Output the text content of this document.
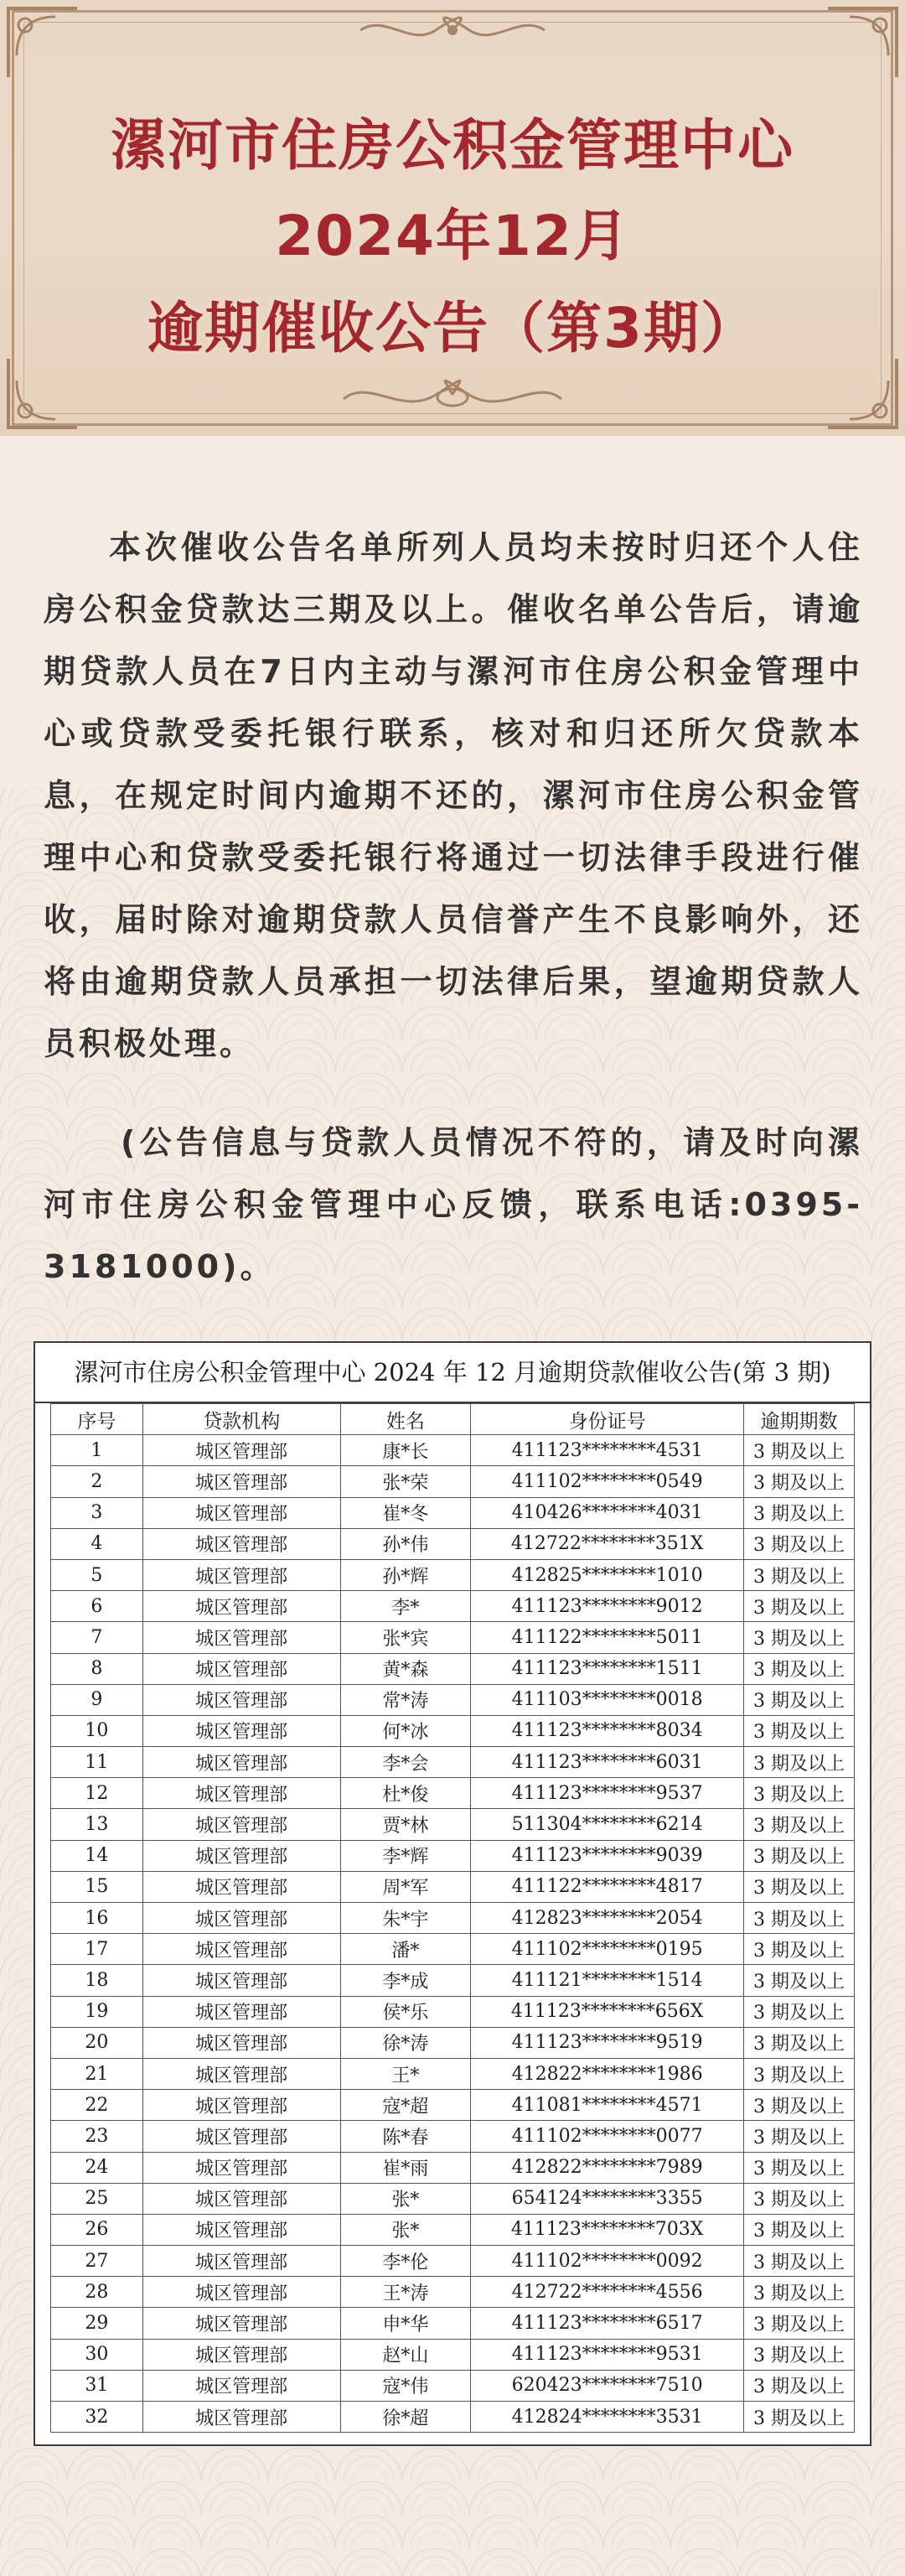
漯河市住房公积金管理中心
2024年12月
逾期催收公告（第3期）

本次催收公告名单所列人员均未按时归还个人住房公积金贷款达三期及以上。催收名单公告后，请逾期贷款人员在7日内主动与漯河市住房公积金管理中心或贷款受委托银行联系，核对和归还所欠贷款本息，在规定时间内逾期不还的，漯河市住房公积金管理中心和贷款受委托银行将通过一切法律手段进行催收，届时除对逾期贷款人员信誉产生不良影响外，还将由逾期贷款人员承担一切法律后果，望逾期贷款人员积极处理。

(公告信息与贷款人员情况不符的，请及时向漯河市住房公积金管理中心反馈，联系电话:0395-3181000)。

漯河市住房公积金管理中心 2024 年 12 月逾期贷款催收公告(第 3 期)
序号	贷款机构	姓名	身份证号	逾期期数
1	城区管理部	康*长	411123********4531	3 期及以上
2	城区管理部	张*荣	411102********0549	3 期及以上
3	城区管理部	崔*冬	410426********4031	3 期及以上
4	城区管理部	孙*伟	412722********351X	3 期及以上
5	城区管理部	孙*辉	412825********1010	3 期及以上
6	城区管理部	李*	411123********9012	3 期及以上
7	城区管理部	张*宾	411122********5011	3 期及以上
8	城区管理部	黄*森	411123********1511	3 期及以上
9	城区管理部	常*涛	411103********0018	3 期及以上
10	城区管理部	何*冰	411123********8034	3 期及以上
11	城区管理部	李*会	411123********6031	3 期及以上
12	城区管理部	杜*俊	411123********9537	3 期及以上
13	城区管理部	贾*林	511304********6214	3 期及以上
14	城区管理部	李*辉	411123********9039	3 期及以上
15	城区管理部	周*军	411122********4817	3 期及以上
16	城区管理部	朱*宇	412823********2054	3 期及以上
17	城区管理部	潘*	411102********0195	3 期及以上
18	城区管理部	李*成	411121********1514	3 期及以上
19	城区管理部	侯*乐	411123********656X	3 期及以上
20	城区管理部	徐*涛	411123********9519	3 期及以上
21	城区管理部	王*	412822********1986	3 期及以上
22	城区管理部	寇*超	411081********4571	3 期及以上
23	城区管理部	陈*春	411102********0077	3 期及以上
24	城区管理部	崔*雨	412822********7989	3 期及以上
25	城区管理部	张*	654124********3355	3 期及以上
26	城区管理部	张*	411123********703X	3 期及以上
27	城区管理部	李*伦	411102********0092	3 期及以上
28	城区管理部	王*涛	412722********4556	3 期及以上
29	城区管理部	申*华	411123********6517	3 期及以上
30	城区管理部	赵*山	411123********9531	3 期及以上
31	城区管理部	寇*伟	620423********7510	3 期及以上
32	城区管理部	徐*超	412824********3531	3 期及以上
